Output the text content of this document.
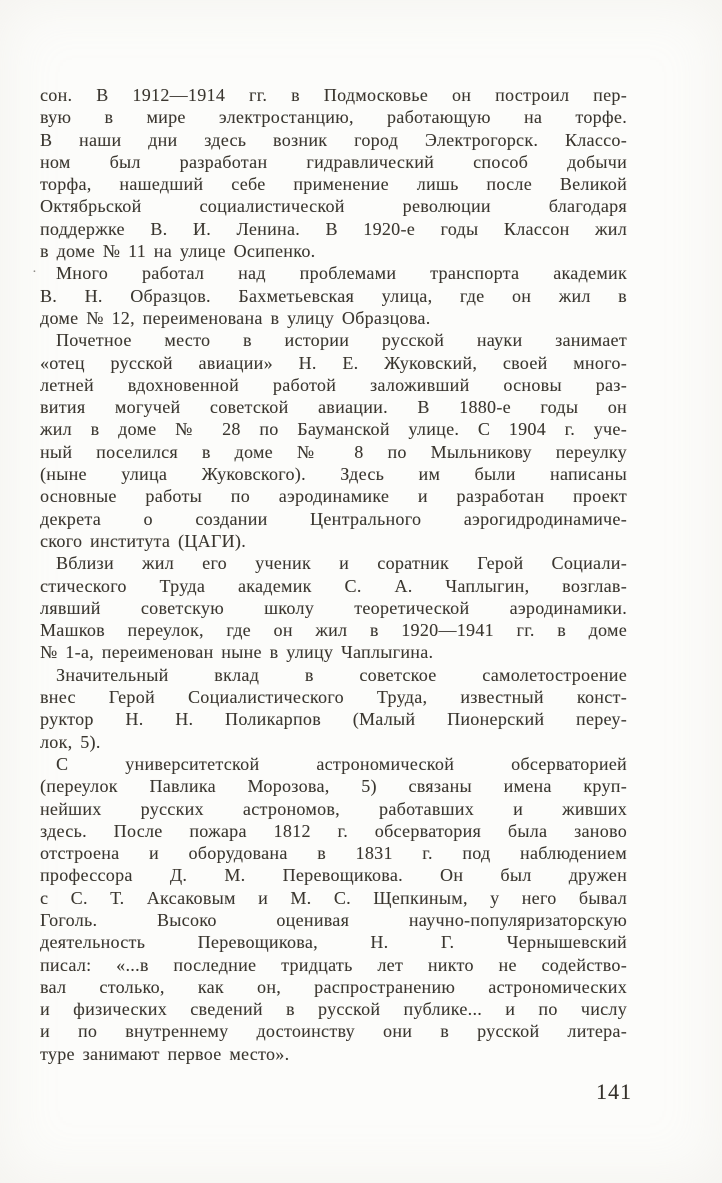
сон. В 1912—1914 гг. в Подмосковье он построил пер-
вую в мире электростанцию, работающую на торфе.
В наши дни здесь возник город Электрогорск. Классо-
ном был разработан гидравлический способ добычи
торфа, нашедший себе применение лишь после Великой
Октябрьской социалистической революции благодаря
поддержке В. И. Ленина. В 1920-е годы Классон жил
в доме № 11 на улице Осипенко.
· Много работал над проблемами транспорта академик
В. Н. Образцов. Бахметьевская улица, где он жил в
доме № 12, переименована в улицу Образцова.
Почетное место в истории русской науки занимает
«отец русской авиации» Н. Е. Жуковский, своей много-
летней вдохновенной работой заложивший основы раз-
вития могучей советской авиации. В 1880-е годы он
жил в доме № 28 по Бауманской улице. С 1904 г. уче-
ный поселился в доме № 8 по Мыльникову переулку
(ныне улица Жуковского). Здесь им были написаны
основные работы по аэродинамике и разработан проект
декрета о создании Центрального аэрогидродинамиче-
ского института (ЦАГИ).
Вблизи жил его ученик и соратник Герой Социали-
стического Труда академик С. А. Чаплыгин, возглав-
лявший советскую школу теоретической аэродинамики.
Машков переулок, где он жил в 1920—1941 гг. в доме
№ 1-а, переименован ныне в улицу Чаплыгина.
Значительный вклад в советское самолетостроение
внес Герой Социалистического Труда, известный конст-
руктор Н. Н. Поликарпов (Малый Пионерский переу-
лок, 5).
С университетской астрономической обсерваторией
(переулок Павлика Морозова, 5) связаны имена круп-
нейших русских астрономов, работавших и живших
здесь. После пожара 1812 г. обсерватория была заново
отстроена и оборудована в 1831 г. под наблюдением
профессора Д. М. Перевощикова. Он был дружен
с С. Т. Аксаковым и М. С. Щепкиным, у него бывал
Гоголь. Высоко оценивая научно-популяризаторскую
деятельность Перевощикова, Н. Г. Чернышевский
писал: «...в последние тридцать лет никто не содейство-
вал столько, как он, распространению астрономических
и физических сведений в русской публике... и по числу
и по внутреннему достоинству они в русской литера-
туре занимают первое место».
141
